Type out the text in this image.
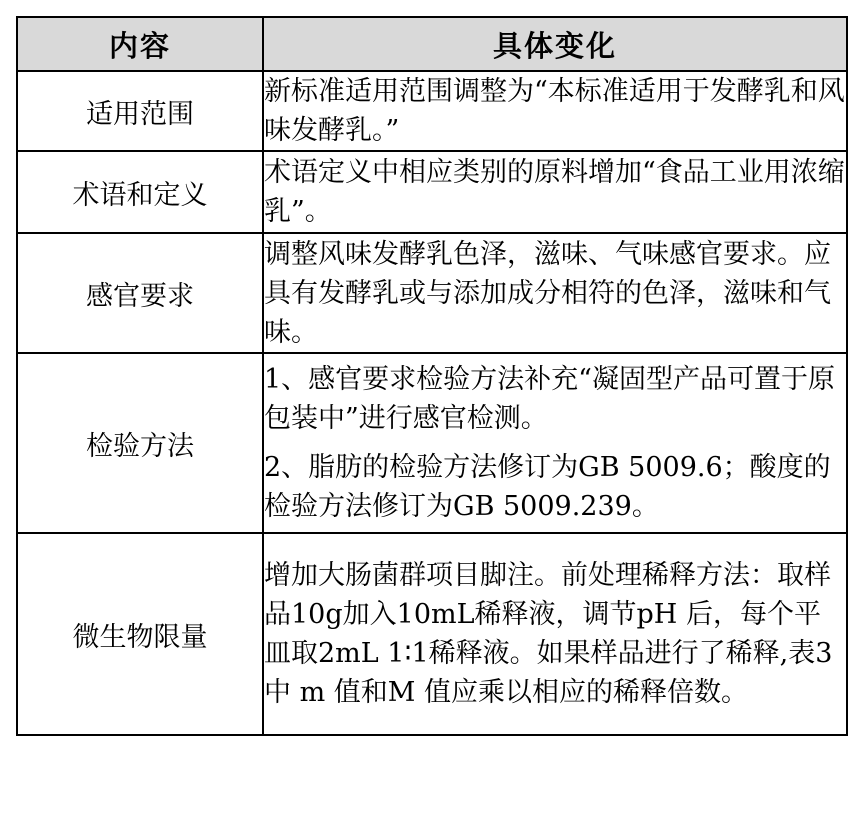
内容	具体变化
适用范围	新标准适用范围调整为“本标准适用于发酵乳和风味发酵乳。”

术语和定义	术语定义中相应类别的原料增加“食品工业用浓缩乳”。

感官要求	调整风味发酵乳色泽，滋味、气味感官要求。应具有发酵乳或与添加成分相符的色泽，滋味和气味。

检验方法	1、感官要求检验方法补充“凝固型产品可置于原包装中”进行感官检测。
2、脂肪的检验方法修订为GB 5009.6；酸度的检验方法修订为GB 5009.239。

微生物限量	增加大肠菌群项目脚注。前处理稀释方法：取样品10g加入10mL稀释液，调节pH 后，每个平皿取2mL 1∶1稀释液。如果样品进行了稀释,表3中 m 值和M 值应乘以相应的稀释倍数。
